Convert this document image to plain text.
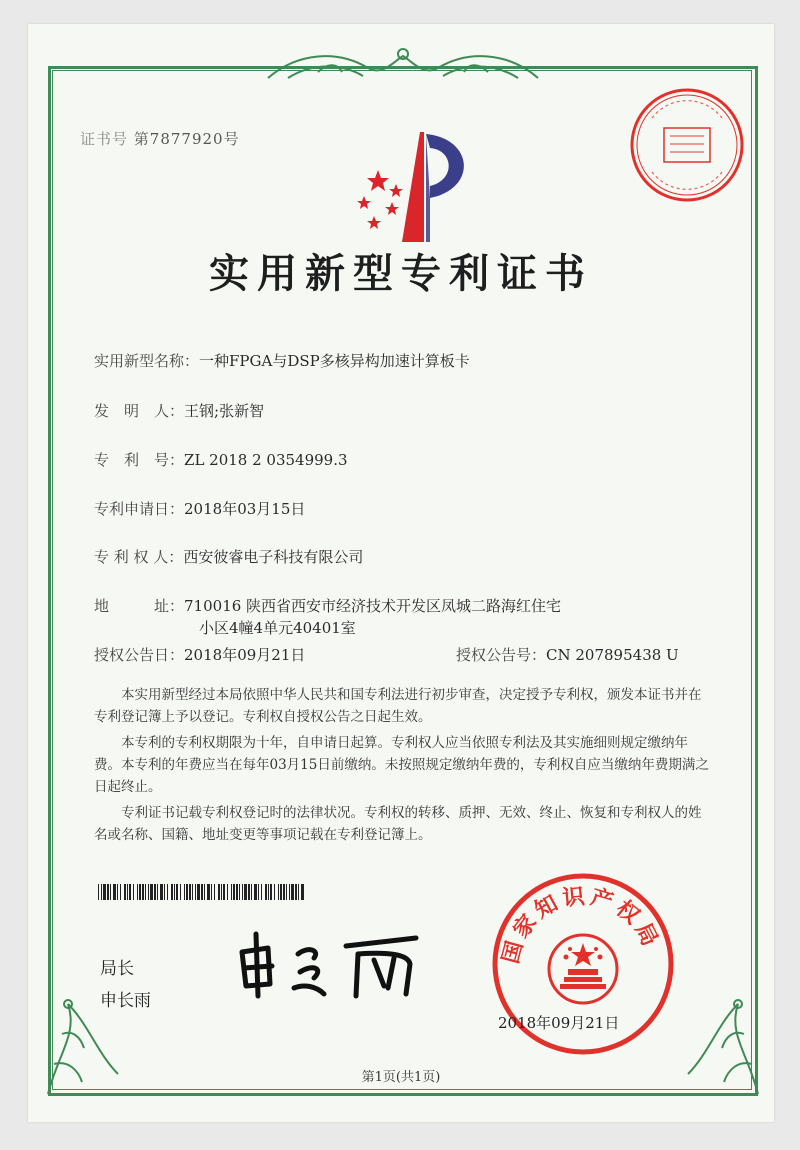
证书号 第7877920号
实用新型专利证书
实用新型名称：一种FPGA与DSP多核异构加速计算板卡
发　明　人：王钢;张新智
专　利　号：ZL 2018 2 0354999.3
专利申请日：2018年03月15日
专 利 权 人：西安彼睿电子科技有限公司
地　　　址：710016 陕西省西安市经济技术开发区凤城二路海红住宅
小区4幢4单元40401室
授权公告日：2018年09月21日	授权公告号：CN 207895438 U
本实用新型经过本局依照中华人民共和国专利法进行初步审查，决定授予专利权，颁发本证书并在专利登记簿上予以登记。专利权自授权公告之日起生效。
本专利的专利权期限为十年，自申请日起算。专利权人应当依照专利法及其实施细则规定缴纳年费。本专利的年费应当在每年03月15日前缴纳。未按照规定缴纳年费的，专利权自应当缴纳年费期满之日起终止。
专利证书记载专利权登记时的法律状况。专利权的转移、质押、无效、终止、恢复和专利权人的姓名或名称、国籍、地址变更等事项记载在专利登记簿上。
局长
申长雨
国家知识产权局
2018年09月21日
第1页(共1页)
